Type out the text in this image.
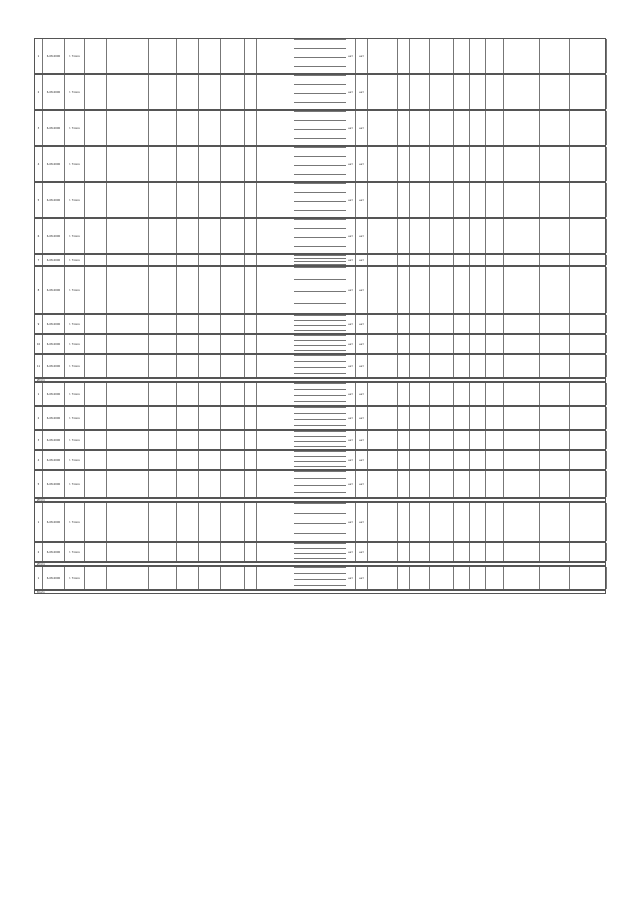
1	6-08-0000	г. Томск	нет	нет
2	6-08-0000	г. Томск	нет	нет
3	6-08-0000	г. Томск	нет	нет
4	6-08-0000	г. Томск	нет	нет
5	6-08-0000	г. Томск	нет	нет
6	6-08-0000	г. Томск	нет	нет
7	6-08-0000	г. Томск	нет	нет
8	6-08-0000	г. Томск	нет	нет
9	6-08-0000	г. Томск	нет	нет
10	6-08-0000	г. Томск	нет	нет
11	6-08-0000	г. Томск	нет	нет
Итого
1	6-08-0000	г. Томск	нет	нет
2	6-08-0000	г. Томск	нет	нет
3	6-08-0000	г. Томск	нет	нет
4	6-08-0000	г. Томск	нет	нет
5	6-08-0000	г. Томск	нет	нет
Итого
1	6-08-0000	г. Томск	нет	нет
2	6-08-0000	г. Томск	нет	нет
Итого
1	6-08-0000	г. Томск	нет	нет
Всего
